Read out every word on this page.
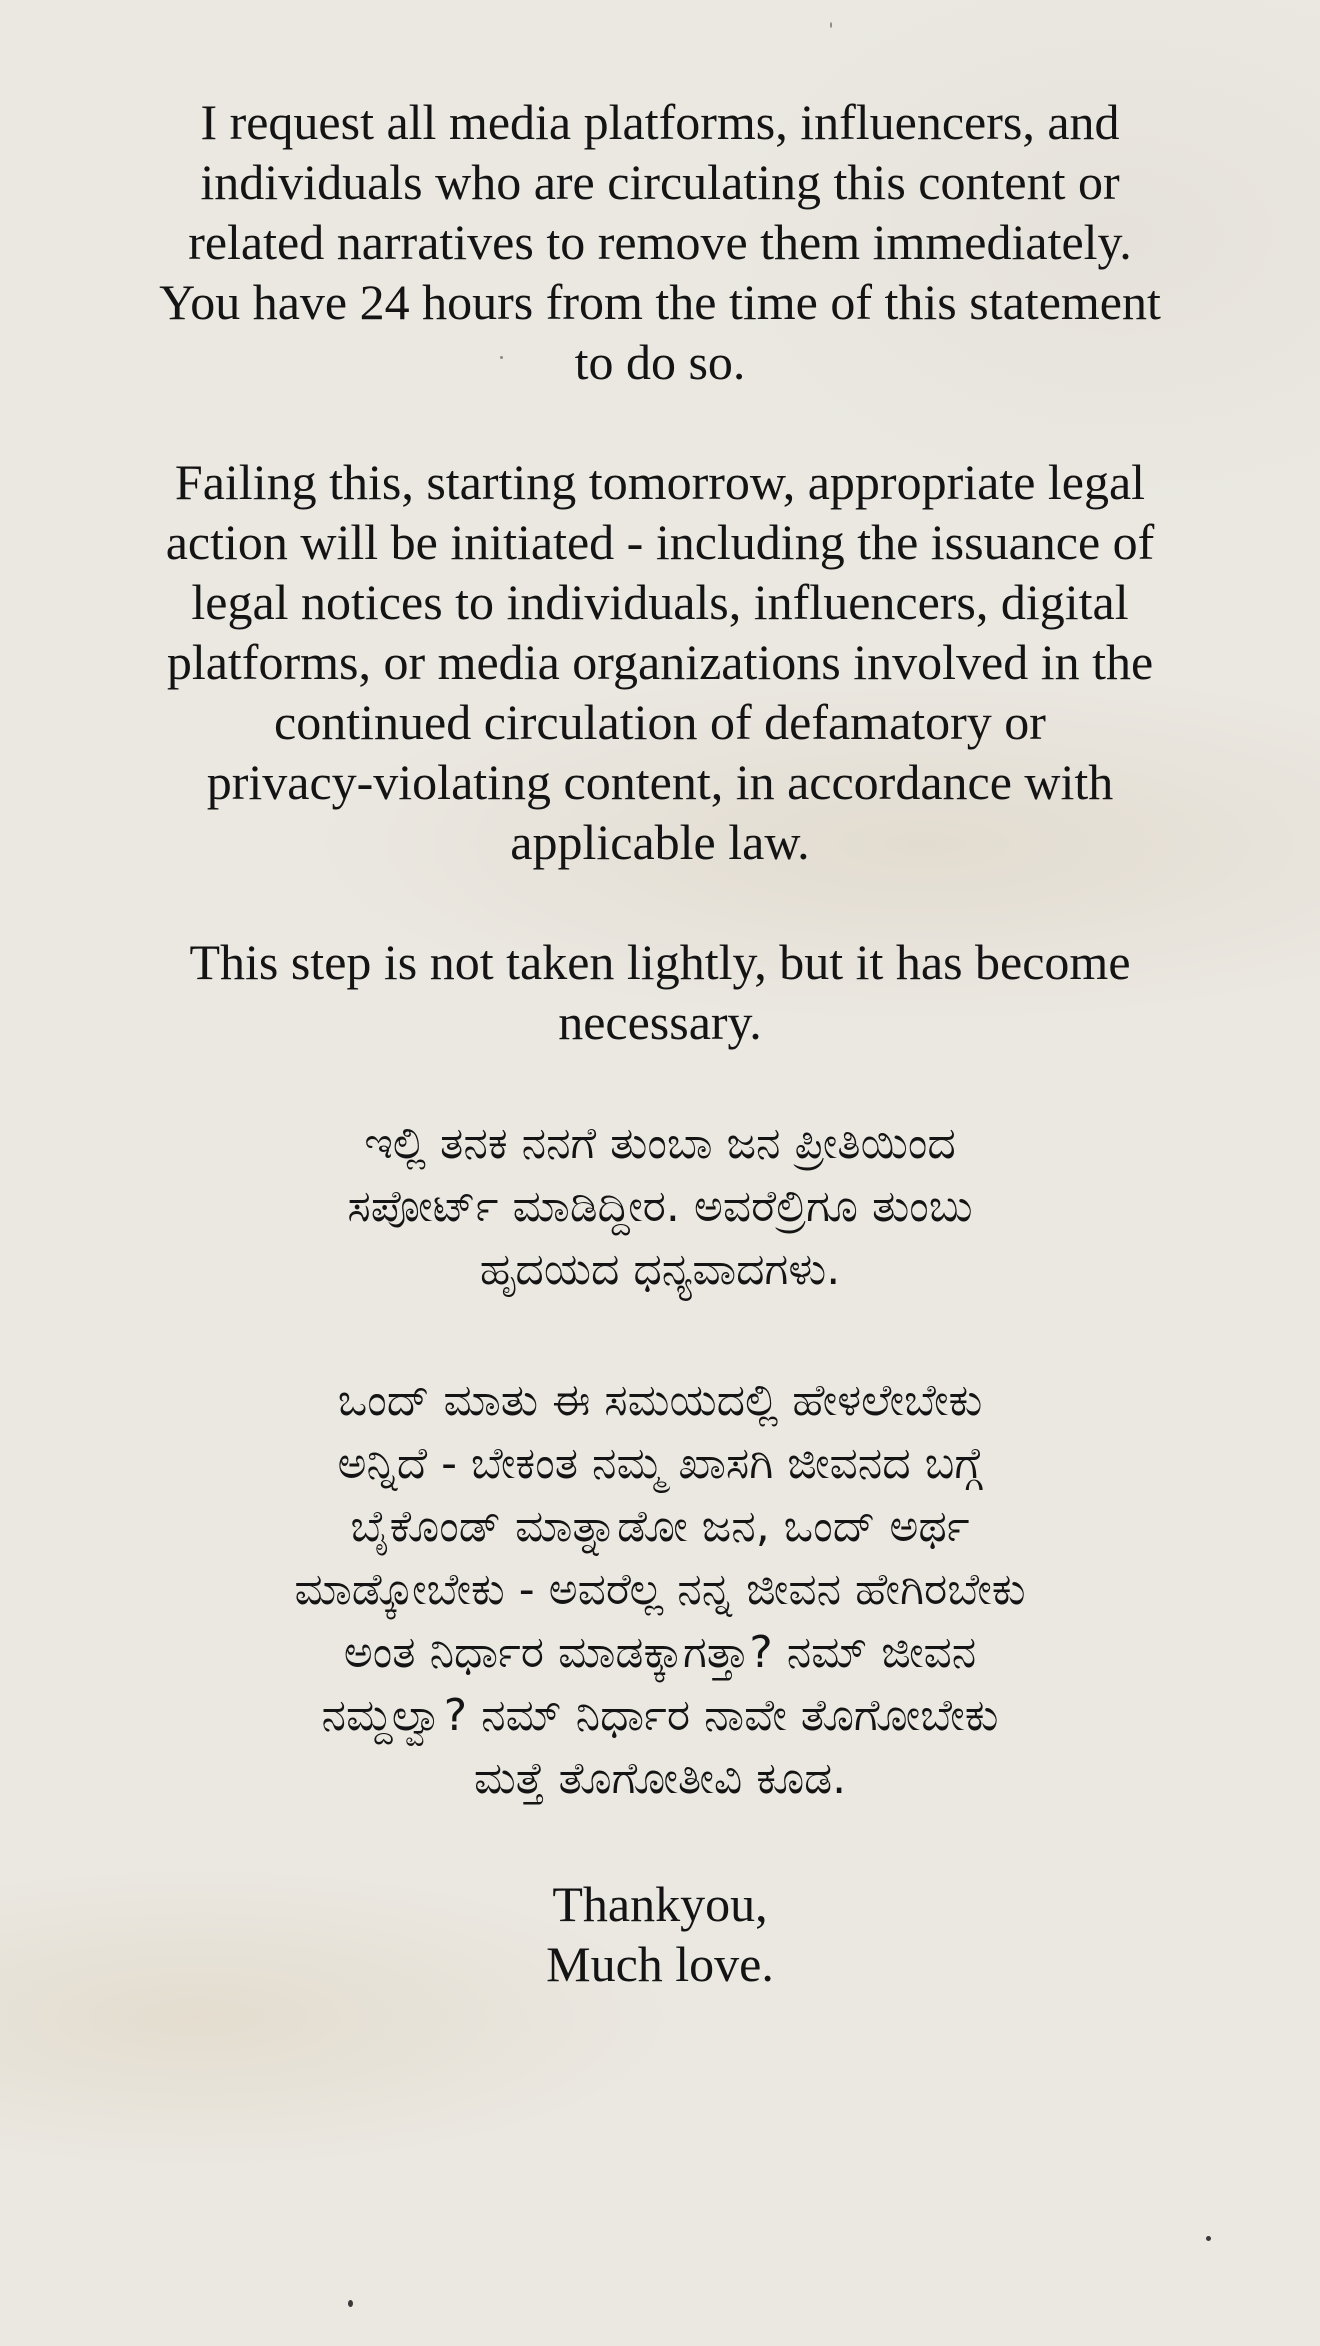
I request all media platforms, influencers, and
individuals who are circulating this content or
related narratives to remove them immediately.
You have 24 hours from the time of this statement
to do so.

Failing this, starting tomorrow, appropriate legal
action will be initiated - including the issuance of
legal notices to individuals, influencers, digital
platforms, or media organizations involved in the
continued circulation of defamatory or
privacy-violating content, in accordance with
applicable law.

This step is not taken lightly, but it has become
necessary.

ಇಲ್ಲಿ ತನಕ ನನಗೆ ತುಂಬಾ ಜನ ಪ್ರೀತಿಯಿಂದ
ಸಪೋರ್ಟ್ ಮಾಡಿದ್ದೀರ. ಅವರೆಲ್ರಿಗೂ ತುಂಬು
ಹೃದಯದ ಧನ್ಯವಾದಗಳು.

ಒಂದ್ ಮಾತು ಈ ಸಮಯದಲ್ಲಿ ಹೇಳಲೇಬೇಕು
ಅನ್ನಿದೆ - ಬೇಕಂತ ನಮ್ಮ ಖಾಸಗಿ ಜೀವನದ ಬಗ್ಗೆ
ಬೈಕೊಂಡ್ ಮಾತ್ನಾಡೋ ಜನ, ಒಂದ್ ಅರ್ಥ
ಮಾಡ್ಕೋಬೇಕು - ಅವರೆಲ್ಲ ನನ್ನ ಜೀವನ ಹೇಗಿರಬೇಕು
ಅಂತ ನಿರ್ಧಾರ ಮಾಡಕ್ಕಾಗತ್ತಾ? ನಮ್ ಜೀವನ
ನಮ್ದಲ್ವಾ? ನಮ್ ನಿರ್ಧಾರ ನಾವೇ ತೊಗೋಬೇಕು
ಮತ್ತೆ ತೊಗೋತೀವಿ ಕೂಡ.

Thankyou,

Much love.
